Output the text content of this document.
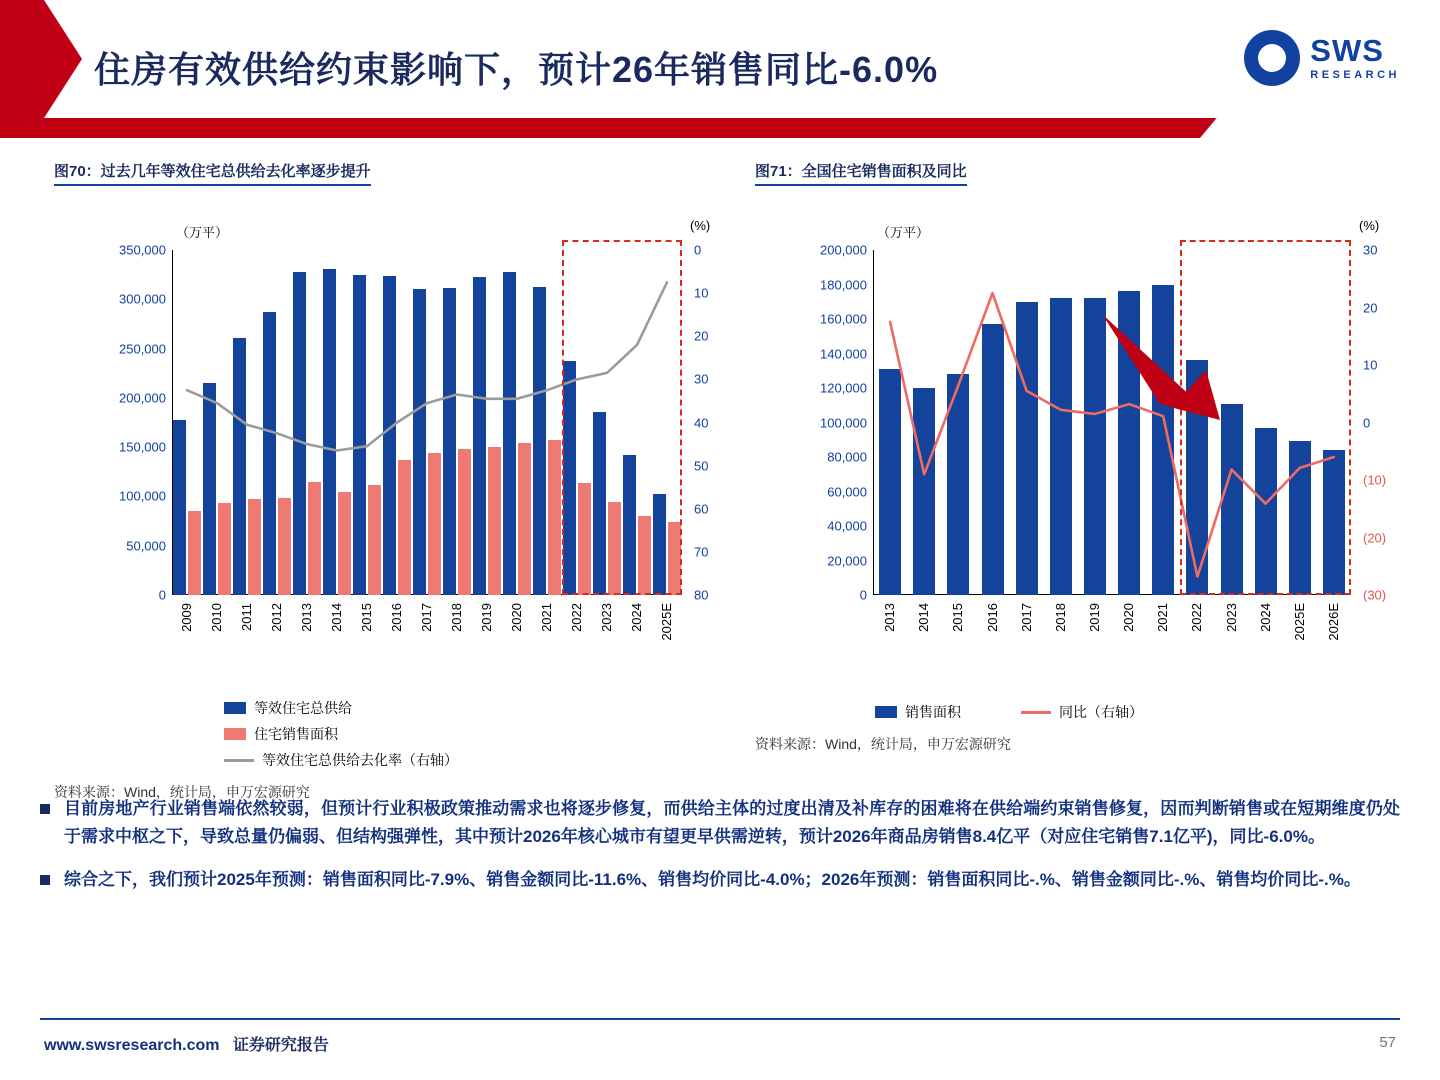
住房有效供给约束影响下，预计26年销售同比-6.0%	SWS
RESEARCH
图70：过去几年等效住宅总供给去化率逐步提升
（万平）	(%)
0
50,000
100,000
150,000
200,000
250,000
300,000
350,000	0
10
20
30
40
50
60
70
80
2009 2010 2011 2012 2013 2014 2015 2016 2017 2018 2019 2020 2021 2022 2023 2024 2025E
等效住宅总供给
住宅销售面积
等效住宅总供给去化率（右轴）
资料来源：Wind，统计局，申万宏源研究
图71：全国住宅销售面积及同比
（万平）	(%)
0
20,000
40,000
60,000
80,000
100,000
120,000
140,000
160,000
180,000
200,000	30
20
10
0
(10)
(20)
(30)
2013 2014 2015 2016 2017 2018 2019 2020 2021 2022 2023 2024 2025E 2026E
销售面积	同比（右轴）
资料来源：Wind，统计局，申万宏源研究
目前房地产行业销售端依然较弱，但预计行业积极政策推动需求也将逐步修复，而供给主体的过度出清及补库存的困难将在供给端约束销售修复，因而判断销售或在短期维度仍处于需求中枢之下，导致总量仍偏弱、但结构强弹性，其中预计2026年核心城市有望更早供需逆转，预计2026年商品房销售8.4亿平（对应住宅销售7.1亿平)，同比-6.0%。
综合之下，我们预计2025年预测：销售面积同比-7.9%、销售金额同比-11.6%、销售均价同比-4.0%；2026年预测：销售面积同比-.%、销售金额同比-.%、销售均价同比-.%。
www.swsresearch.com 证券研究报告	57
